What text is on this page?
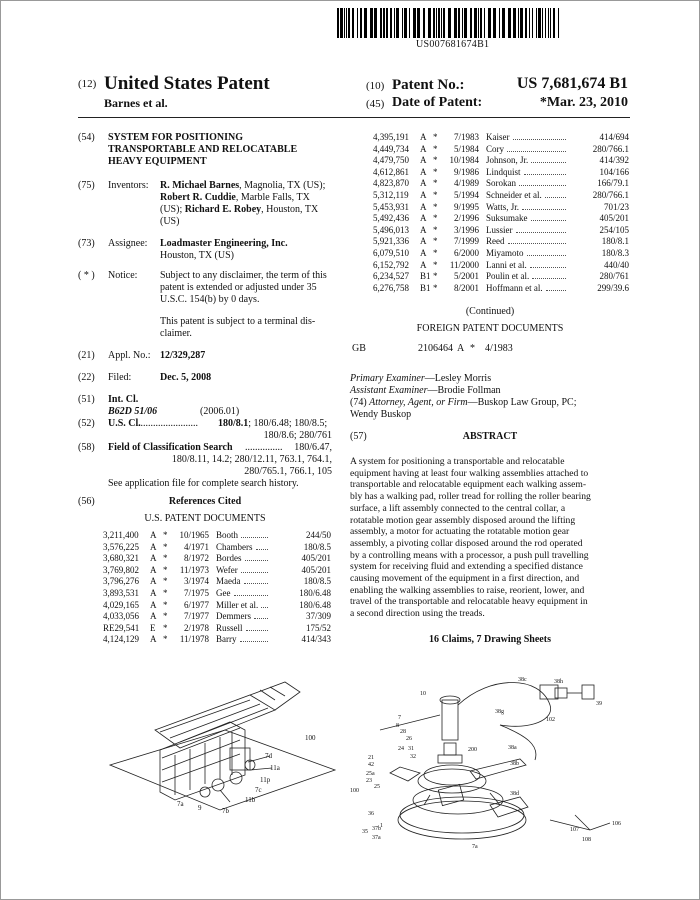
US007681674B1
(12) United States Patent
Barnes et al.
(10) Patent No.:	US 7,681,674 B1
(45) Date of Patent:	*Mar. 23, 2010
(54) SYSTEM FOR POSITIONING
TRANSPORTABLE AND RELOCATABLE
HEAVY EQUIPMENT
(75) Inventors: R. Michael Barnes, Magnolia, TX (US);
Robert R. Cuddie, Marble Falls, TX
(US); Richard E. Robey, Houston, TX
(US)
(73) Assignee: Loadmaster Engineering, Inc.
Houston, TX (US)
( * ) Notice: Subject to any disclaimer, the term of this
patent is extended or adjusted under 35
U.S.C. 154(b) by 0 days.
This patent is subject to a terminal dis-
claimer.
(21) Appl. No.: 12/329,287
(22) Filed:	Dec. 5, 2008
(51) Int. Cl.
B62D 51/06	(2006.01)
(52) U.S. Cl.
........................ 180/8.1; 180/6.48; 180/8.5;
180/8.6; 280/761
(58) Field of Classification Search ...............	180/6.47,
180/8.11, 14.2; 280/12.11, 763.1, 764.1,
280/765.1, 766.1, 105
See application file for complete search history.
(56)	References Cited
U.S. PATENT DOCUMENTS
3,211,400 A *	10/1965 Booth	244/50
3,576,225 A *	4/1971 Chambers	180/8.5
3,680,321 A *	8/1972 Bordes	405/201
3,769,802 A *	11/1973 Wefer	405/201
3,796,276 A *	3/1974 Maeda	180/8.5
3,893,531 A *	7/1975 Gee	180/6.48
4,029,165 A *	6/1977 Miller et al.	180/6.48
4,033,056 A *	7/1977 Demmers	37/309
RE29,541 E *	2/1978 Russell	175/52
4,124,129 A *	11/1978 Barry	414/343
100
7a
7b
7d
9
11a
11b
11p
7c
4,395,191 A *	7/1983 Kaiser	414/694
4,449,734 A *	5/1984 Cory	280/766.1
4,479,750 A *	10/1984 Johnson, Jr.	414/392
4,612,861 A *	9/1986 Lindquist	104/166
4,823,870 A *	4/1989 Sorokan	166/79.1
5,312,119 A *	5/1994 Schneider et al.	280/766.1
5,453,931 A *	9/1995 Watts, Jr.	701/23
5,492,436 A *	2/1996 Suksumake	405/201
5,496,013 A *	3/1996 Lussier	254/105
5,921,336 A *	7/1999 Reed	180/8.1
6,079,510 A *	6/2000 Miyamoto	180/8.3
6,152,792 A *	11/2000 Lanni et al.	440/40
6,234,527 B1 *	5/2001 Poulin et al.	280/761
6,276,758 B1 *	8/2001 Hoffmann et al.	299/39.6
(Continued)
FOREIGN PATENT DOCUMENTS
GB	2106464 A * 4/1983
Primary Examiner—Lesley Morris
Assistant Examiner—Brodie Follman
(74) Attorney, Agent, or Firm—Buskop Law Group, PC;
Wendy Buskop
(57)	ABSTRACT
A system for positioning a transportable and relocatable
equipment having at least four walking assemblies attached to
transportable and relocatable equipment each walking assem-
bly has a walking pad, roller tread for rolling the roller bearing
surface, a lift assembly connected to the central collar, a
rotatable motion gear assembly disposed around the lifting
assembly, a motor for actuating the rotatable motion gear
assembly, a pivoting collar disposed around the rod operated
by a controlling means with a processor, a push pull travelling
system for receiving fluid and extending a specified distance
causing movement of the equipment in a first direction, and
enabling the walking assemblies to raise, reorient, lower, and
travel of the transportable and relocatable heavy equipment in
a second direction using the treads.
16 Claims, 7 Drawing Sheets
10
38c	38h
39
102
38g
38a
38b
7
8
28
26
24 31
32
200
21
42
25a
23
25
100
36
1
35 37b
37a
107
106
108
7a
38d
